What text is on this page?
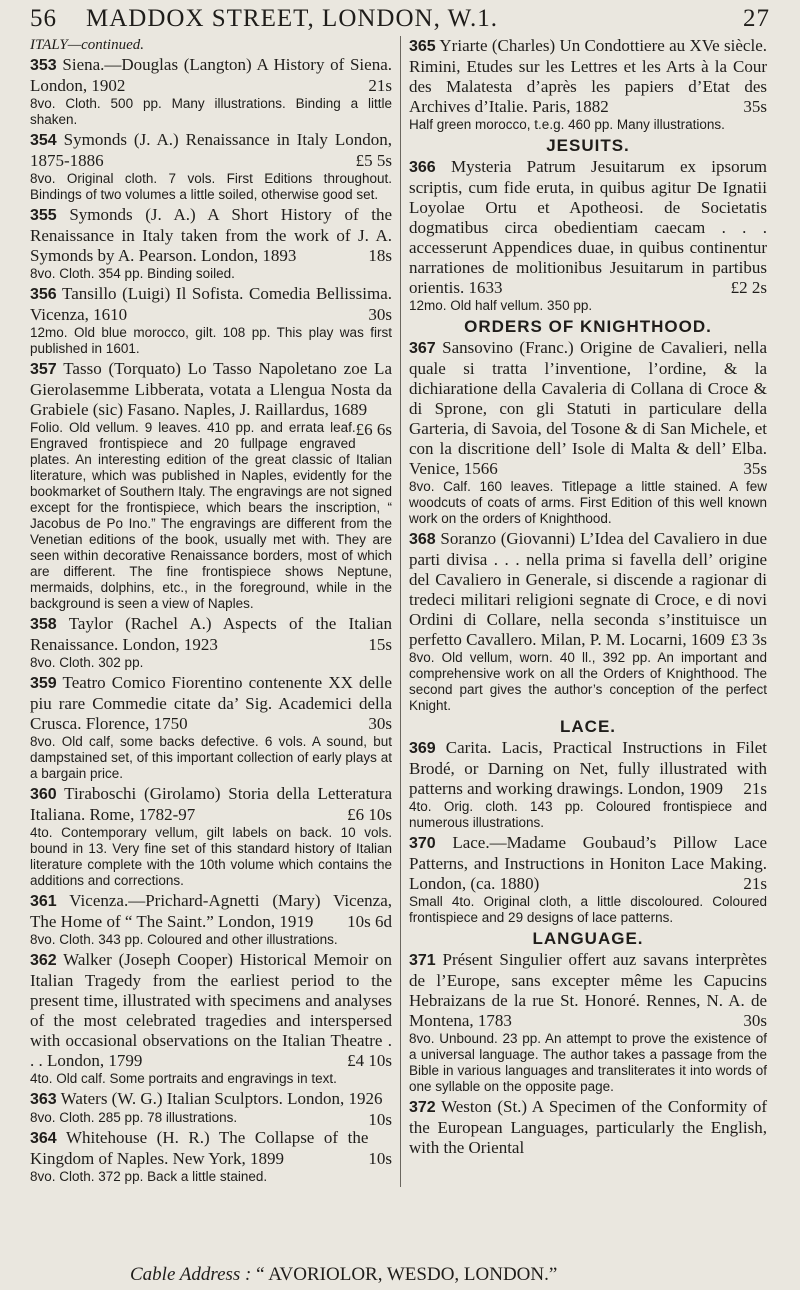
27
56 MADDOX STREET, LONDON, W.1.
ITALY—continued.
353 Siena.—Douglas (Langton) A History of Siena. London, 1902	21s
8vo. Cloth. 500 pp. Many illustrations. Binding a little shaken.
354 Symonds (J. A.) Renaissance in Italy London, 1875-1886	£5 5s
8vo. Original cloth. 7 vols. First Editions throughout. Bindings of two volumes a little soiled, otherwise good set.
355 Symonds (J. A.) A Short History of the Renaissance in Italy taken from the work of J. A. Symonds by A. Pearson. London, 1893	18s
8vo. Cloth. 354 pp. Binding soiled.
356 Tansillo (Luigi) Il Sofista. Comedia Bellissima. Vicenza, 1610	30s
12mo. Old blue morocco, gilt. 108 pp. This play was first published in 1601.
357 Tasso (Torquato) Lo Tasso Napoletano zoe La Gierolasemme Libberata, votata a Llengua Nosta da Grabiele (sic) Fasano. Naples, J. Raillardus, 1689
£6 6s
Folio. Old vellum. 9 leaves. 410 pp. and errata leaf. Engraved frontispiece and 20 fullpage engraved plates. An interesting edition of the great classic of Italian literature, which was published in Naples, evidently for the bookmarket of Southern Italy. The engravings are not signed except for the frontispiece, which bears the inscription, “ Jacobus de Po Ino.” The engravings are different from the Venetian editions of the book, usually met with. They are seen within decorative Renaissance borders, most of which are different. The fine frontispiece shows Neptune, mermaids, dolphins, etc., in the foreground, while in the background is seen a view of Naples.
358 Taylor (Rachel A.) Aspects of the Italian Renaissance. London, 1923	15s
8vo. Cloth. 302 pp.
359 Teatro Comico Fiorentino contenente XX delle piu rare Commedie citate da’ Sig. Academici della Crusca. Florence, 1750	30s
8vo. Old calf, some backs defective. 6 vols. A sound, but dampstained set, of this important collection of early plays at a bargain price.
360 Tiraboschi (Girolamo) Storia della Letteratura Italiana. Rome, 1782-97	£6 10s
4to. Contemporary vellum, gilt labels on back. 10 vols. bound in 13. Very fine set of this standard history of Italian literature complete with the 10th volume which contains the additions and corrections.
361 Vicenza.—Prichard-Agnetti (Mary) Vicenza, The Home of “ The Saint.” London, 1919 10s 6d
8vo. Cloth. 343 pp. Coloured and other illustrations.
362 Walker (Joseph Cooper) Historical Memoir on Italian Tragedy from the earliest period to the present time, illustrated with specimens and analyses of the most celebrated tragedies and interspersed with occasional observations on the Italian Theatre . . . London, 1799	£4 10s
4to. Old calf. Some portraits and engravings in text.
363 Waters (W. G.) Italian Sculptors. London, 1926
10s
8vo. Cloth. 285 pp. 78 illustrations.
364 Whitehouse (H. R.) The Collapse of the Kingdom of Naples. New York, 1899	10s
8vo. Cloth. 372 pp. Back a little stained.
365 Yriarte (Charles) Un Condottiere au XVe siècle. Rimini, Etudes sur les Lettres et les Arts à la Cour des Malatesta d’après les papiers d’Etat des Archives d’Italie. Paris, 1882	35s
Half green morocco, t.e.g. 460 pp. Many illustrations.
JESUITS.
366 Mysteria Patrum Jesuitarum ex ipsorum scriptis, cum fide eruta, in quibus agitur De Ignatii Loyolae Ortu et Apotheosi. de Societatis dogmatibus circa obedientiam caecam . . . accesserunt Appendices duae, in quibus continentur narrationes de molitionibus Jesuitarum in partibus orientis. 1633	£2 2s
12mo. Old half vellum. 350 pp.
ORDERS OF KNIGHTHOOD.
367 Sansovino (Franc.) Origine de Cavalieri, nella quale si tratta l’inventione, l’ordine, & la dichiaratione della Cavaleria di Collana di Croce & di Sprone, con gli Statuti in particulare della Garteria, di Savoia, del Tosone & di San Michele, et con la discritione dell’ Isole di Malta & dell’ Elba. Venice, 1566	35s
8vo. Calf. 160 leaves. Titlepage a little stained. A few woodcuts of coats of arms. First Edition of this well known work on the orders of Knighthood.
368 Soranzo (Giovanni) L’Idea del Cavaliero in due parti divisa . . . nella prima si favella dell’ origine del Cavaliero in Generale, si discende a ragionar di tredeci militari religioni segnate di Croce, e di novi Ordini di Collare, nella seconda s’instituisce un perfetto Cavallero. Milan, P. M. Locarni, 1609 £3 3s
8vo. Old vellum, worn. 40 ll., 392 pp. An important and comprehensive work on all the Orders of Knighthood. The second part gives the author’s conception of the perfect Knight.
LACE.
369 Carita. Lacis, Practical Instructions in Filet Brodé, or Darning on Net, fully illustrated with patterns and working drawings. London, 1909 21s
4to. Orig. cloth. 143 pp. Coloured frontispiece and numerous illustrations.
370 Lace.—Madame Goubaud’s Pillow Lace Patterns, and Instructions in Honiton Lace Making. London, (ca. 1880)	21s
Small 4to. Original cloth, a little discoloured. Coloured frontispiece and 29 designs of lace patterns.
LANGUAGE.
371 Présent Singulier offert auz savans interprètes de l’Europe, sans excepter même les Capucins Hebraizans de la rue St. Honoré. Rennes, N. A. de Montena, 1783	30s
8vo. Unbound. 23 pp. An attempt to prove the existence of a universal language. The author takes a passage from the Bible in various languages and transliterates it into words of one syllable on the opposite page.
372 Weston (St.) A Specimen of the Conformity of the European Languages, particularly the English, with the Oriental
Cable Address : “ AVORIOLOR, WESDO, LONDON.”
